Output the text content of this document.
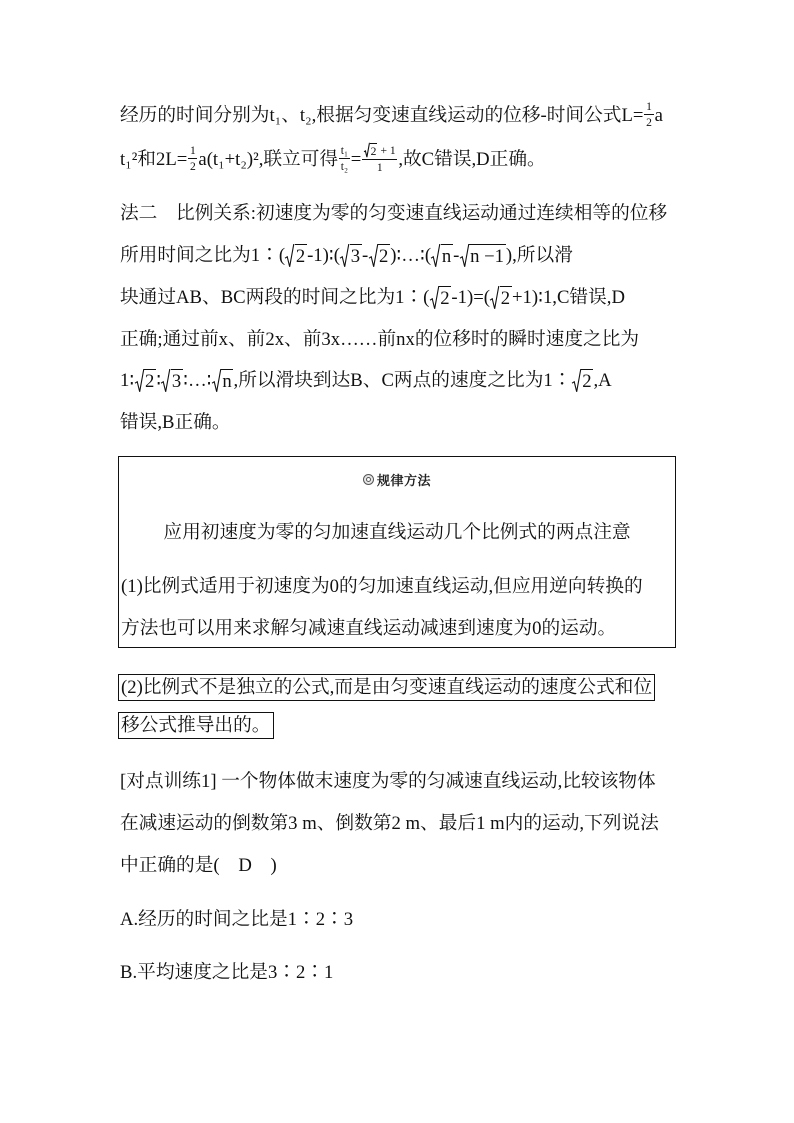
经历的时间分别为t₁、t₂,根据匀变速直线运动的位移-时间公式$L= \frac{1}{2}$ a
t₁²和$2L= \frac{1}{2} a(t_1+t_2)^2$,联立可得 $\frac{\text{t₁}}{\text{t₂}} = \frac{2 + 1}{1}$ ,故C错误,D正确。
法二　比例关系:初速度为零的匀变速直线运动通过连续相等的位移
所用时间之比为1∶( 2 -1)∶( 3 - 2 )∶…∶( n - n −1 ),所以滑
块通过AB、BC两段的时间之比为1∶( 2 -1)=( 2 +1)∶1,C错误,D
正确;通过前x、前2x、前3x……前nx的位移时的瞬时速度之比为
1∶ 2 ∶ 3 ∶…∶ n ,所以滑块到达B、C两点的速度之比为1∶ 2 ,A
错误,B正确。
规律方法
应用初速度为零的匀加速直线运动几个比例式的两点注意
(1)比例式适用于初速度为0的匀加速直线运动,但应用逆向转换的
方法也可以用来求解匀减速直线运动减速到速度为0的运动。
(2)比例式不是独立的公式,而是由匀变速直线运动的速度公式和位
移公式推导出的。
[对点训练1] 一个物体做末速度为零的匀减速直线运动,比较该物体
在减速运动的倒数第3 m、倒数第2 m、最后1 m内的运动,下列说法
中正确的是(　D　)
A.经历的时间之比是1∶2∶3
B.平均速度之比是3∶2∶1
